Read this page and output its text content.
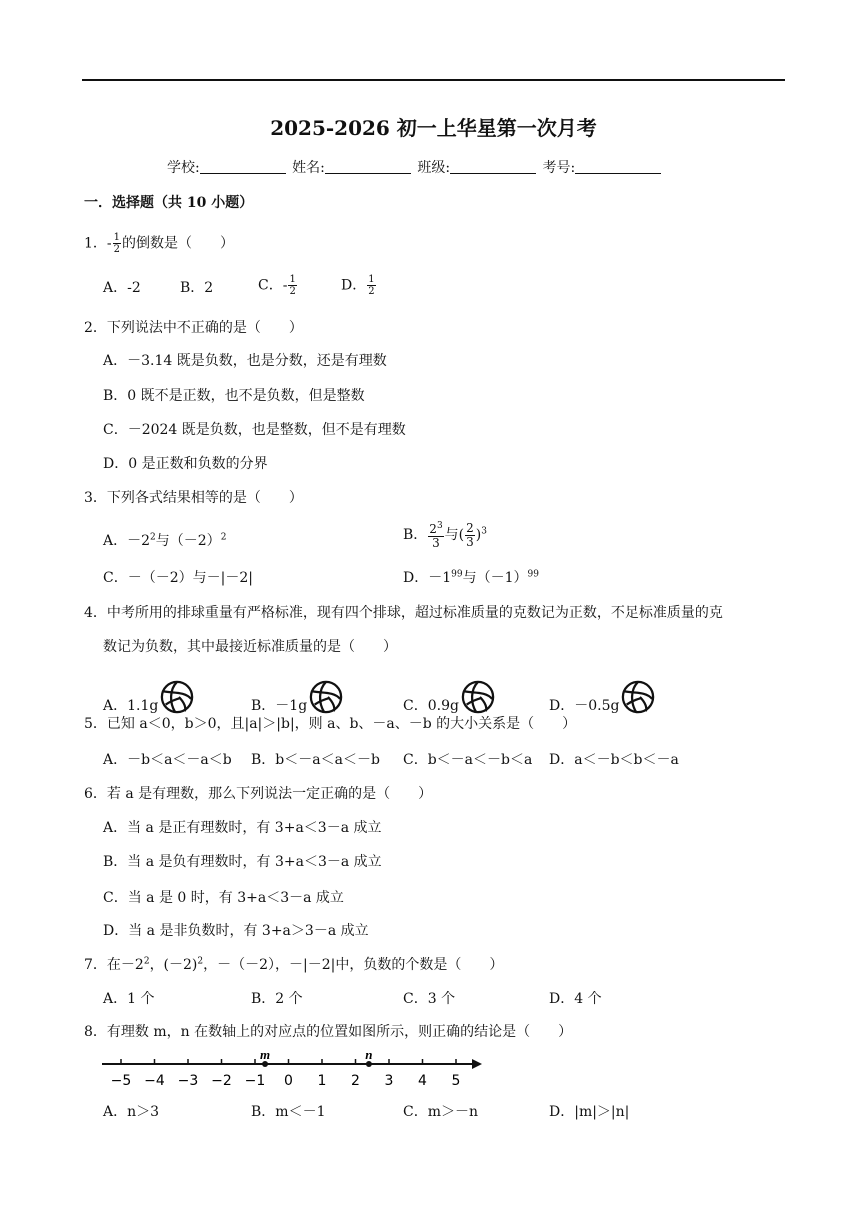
2025-2026 初一上华星第一次月考
学校:	姓名:	班级:	考号:
一．选择题（共 10 小题）
1．- $\frac{1}{2}$ 的倒数是（　　）
A．-2	B．2	C．- $\frac{1}{2}$	D． $\frac{1}{2}$
2．下列说法中不正确的是（　　）
A．－3.14 既是负数，也是分数，还是有理数
B．0 既不是正数，也不是负数，但是整数
C．－2024 既是负数，也是整数，但不是有理数
D．0 是正数和负数的分界
3．下列各式结果相等的是（　　）
A．$-2^2$与$(-2)^2$	B． $\frac{2^3}{3}$ 与( $\frac{2}{3} )^3$
C．－（－2）与－|－2|	D．$-1^{99}$与$(-1)^{99}$
4．中考所用的排球重量有严格标准，现有四个排球，超过标准质量的克数记为正数，不足标准质量的克
数记为负数，其中最接近标准质量的是（　　）
A．1.1g	B．－1g	C．0.9g	D．－0.5g
5．已知 a＜0，b＞0，且|a|＞|b|，则 a、b、－a、－b 的大小关系是（　　）
A．－b＜a＜－a＜b B．b＜－a＜a＜－b C．b＜－a＜－b＜a D．a＜－b＜b＜－a
6．若 a 是有理数，那么下列说法一定正确的是（　　）
A．当 a 是正有理数时，有 3+a＜3－a 成立
B．当 a 是负有理数时，有 3+a＜3－a 成立
C．当 a 是 0 时，有 3+a＜3－a 成立
D．当 a 是非负数时，有 3+a＞3－a 成立
7．在$-2^2$，$(-2)^2$，－（－2），－|－2|中，负数的个数是（　　）
A．1 个	B．2 个	C．3 个	D．4 个
8．有理数 m，n 在数轴上的对应点的位置如图所示，则正确的结论是（　　）
−5 −4 −3 −2 −1 0 1 2 3 4 5
m	n
A．n＞3	B．m＜－1	C．m＞－n	D．|m|＞|n|
